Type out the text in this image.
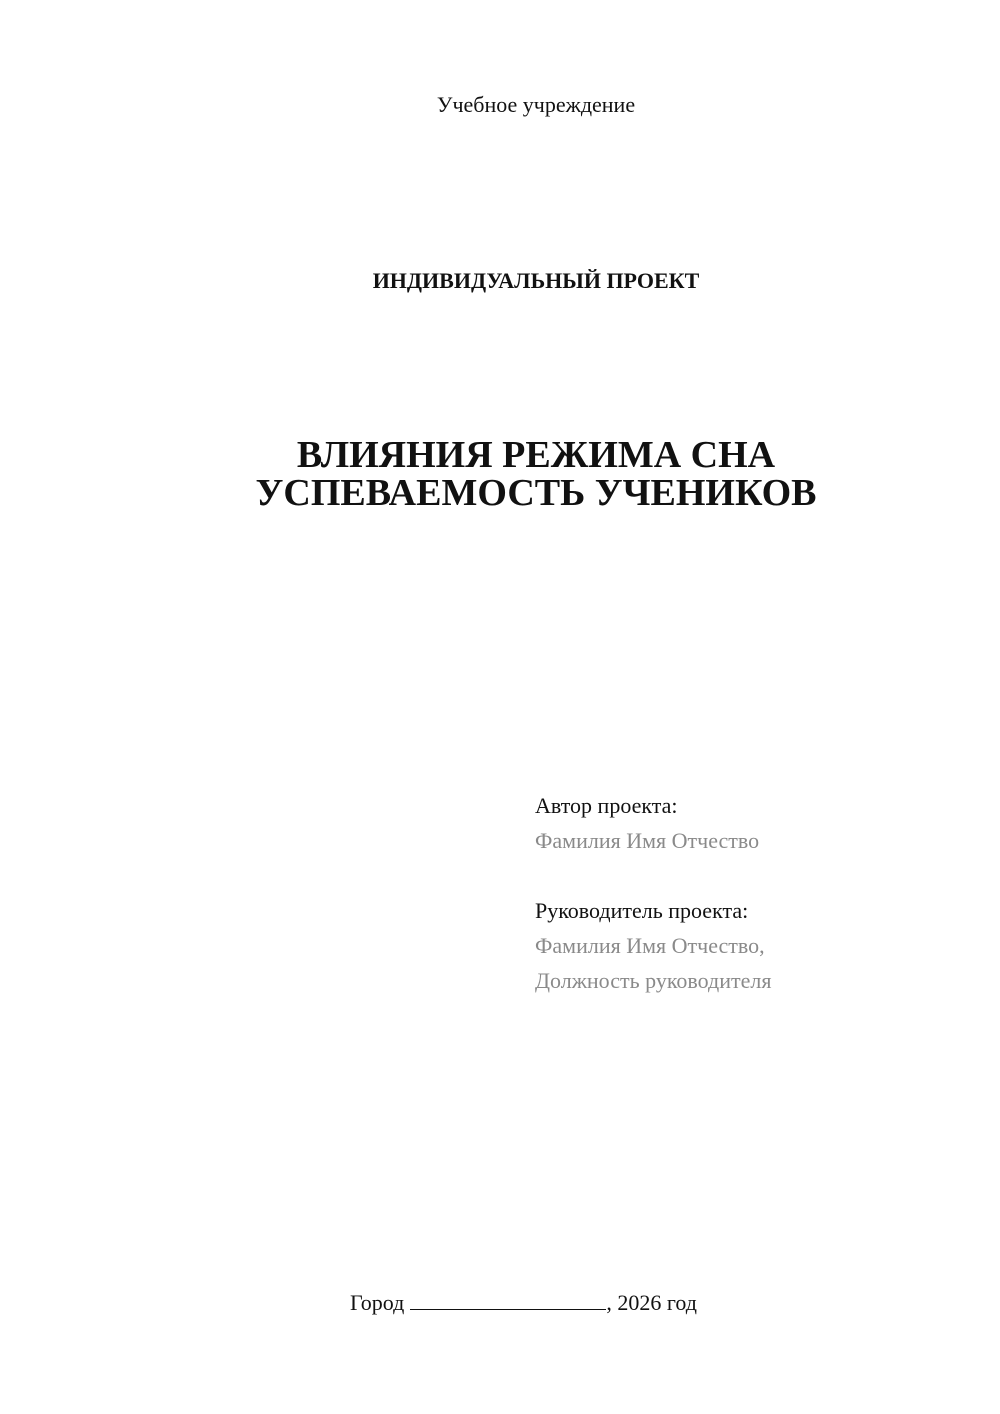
Учебное учреждение
ИНДИВИДУАЛЬНЫЙ ПРОЕКТ
ВЛИЯНИЯ РЕЖИМА СНА
УСПЕВАЕМОСТЬ УЧЕНИКОВ
Автор проекта:
Фамилия Имя Отчество
Руководитель проекта:
Фамилия Имя Отчество,
Должность руководителя
Город	, 2026 год
